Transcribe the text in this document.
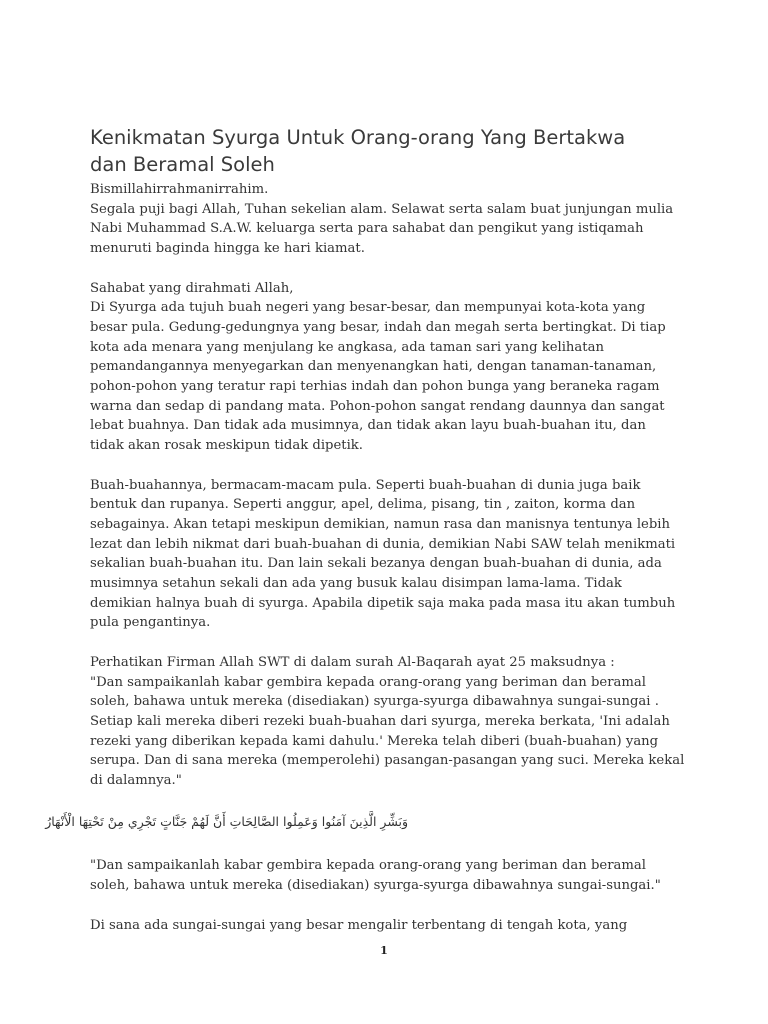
Kenikmatan Syurga Untuk Orang-orang Yang Bertakwa
dan Beramal Soleh

Bismillahirrahmanirrahim.
Segala puji bagi Allah, Tuhan sekelian alam. Selawat serta salam buat junjungan mulia
Nabi Muhammad S.A.W. keluarga serta para sahabat dan pengikut yang istiqamah
menuruti baginda hingga ke hari kiamat.

Sahabat yang dirahmati Allah,
Di Syurga ada tujuh buah negeri yang besar-besar, dan mempunyai kota-kota yang
besar pula. Gedung-gedungnya yang besar, indah dan megah serta bertingkat. Di tiap
kota ada menara yang menjulang ke angkasa, ada taman sari yang kelihatan
pemandangannya menyegarkan dan menyenangkan hati, dengan tanaman-tanaman,
pohon-pohon yang teratur rapi terhias indah dan pohon bunga yang beraneka ragam
warna dan sedap di pandang mata. Pohon-pohon sangat rendang daunnya dan sangat
lebat buahnya. Dan tidak ada musimnya, dan tidak akan layu buah-buahan itu, dan
tidak akan rosak meskipun tidak dipetik.

Buah-buahannya, bermacam-macam pula. Seperti buah-buahan di dunia juga baik
bentuk dan rupanya. Seperti anggur, apel, delima, pisang, tin , zaiton, korma dan
sebagainya. Akan tetapi meskipun demikian, namun rasa dan manisnya tentunya lebih
lezat dan lebih nikmat dari buah-buahan di dunia, demikian Nabi SAW telah menikmati
sekalian buah-buahan itu. Dan lain sekali bezanya dengan buah-buahan di dunia, ada
musimnya setahun sekali dan ada yang busuk kalau disimpan lama-lama. Tidak
demikian halnya buah di syurga. Apabila dipetik saja maka pada masa itu akan tumbuh
pula pengantinya.

Perhatikan Firman Allah SWT di dalam surah Al-Baqarah ayat 25 maksudnya :
"Dan sampaikanlah kabar gembira kepada orang-orang yang beriman dan beramal
soleh, bahawa untuk mereka (disediakan) syurga-syurga dibawahnya sungai-sungai .
Setiap kali mereka diberi rezeki buah-buahan dari syurga, mereka berkata, 'Ini adalah
rezeki yang diberikan kepada kami dahulu.' Mereka telah diberi (buah-buahan) yang
serupa. Dan di sana mereka (memperolehi) pasangan-pasangan yang suci. Mereka kekal
di dalamnya."

وَبَشِّرِ الَّذِينَ آمَنُوا وَعَمِلُوا الصَّالِحَاتِ أَنَّ لَهُمْ جَنَّاتٍ تَجْرِي مِنْ تَحْتِهَا الْأَنْهَارُ

"Dan sampaikanlah kabar gembira kepada orang-orang yang beriman dan beramal
soleh, bahawa untuk mereka (disediakan) syurga-syurga dibawahnya sungai-sungai."

Di sana ada sungai-sungai yang besar mengalir terbentang di tengah kota, yang

1
